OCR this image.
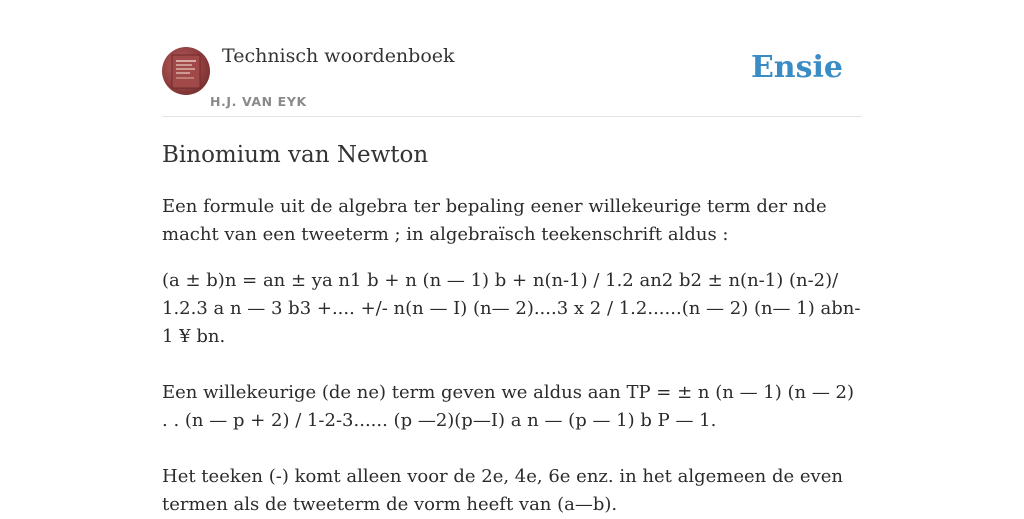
Technisch woordenboek
H.J. VAN EYK
Ensie
Binomium van Newton

Een formule uit de algebra ter bepaling eener willekeurige term der nde macht van een tweeterm ; in algebraïsch teekenschrift aldus :

(a ± b)n = an ± ya n1 b + n (n — 1) b + n(n-1) / 1.2 an2 b2 ± n(n-1) (n-2)/ 1.2.3 a n — 3 b3 +.... +/- n(n — I) (n— 2)....3 x 2 / 1.2......(n — 2) (n— 1) abn-1 ¥ bn.

Een willekeurige (de ne) term geven we aldus aan TP = ± n (n — 1) (n — 2) . . (n — p + 2) / 1-2-3...... (p —2)(p—I) a n — (p — 1) b P — 1.

Het teeken (-) komt alleen voor de 2e, 4e, 6e enz. in het algemeen de even termen als de tweeterm de vorm heeft van (a—b).
